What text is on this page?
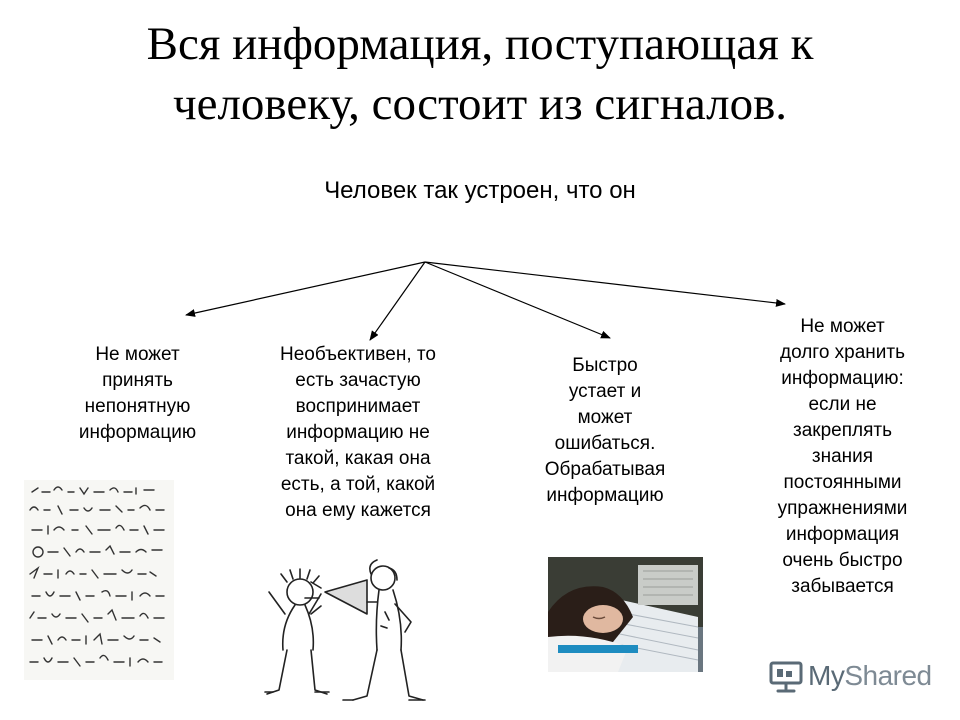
Вся информация, поступающая к
человеку, состоит из сигналов.
Человек так устроен, что он

Не может
принять
непонятную
информацию

Необъективен, то
есть зачастую
воспринимает
информацию не
такой, какая она
есть, а той, какой
она ему кажется

Быстро
устает и
может
ошибаться.
Обрабатывая
информацию

Не может
долго хранить
информацию:
если не
закреплять
знания
постоянными
упражнениями
информация
очень быстро
забывается

MyShared
